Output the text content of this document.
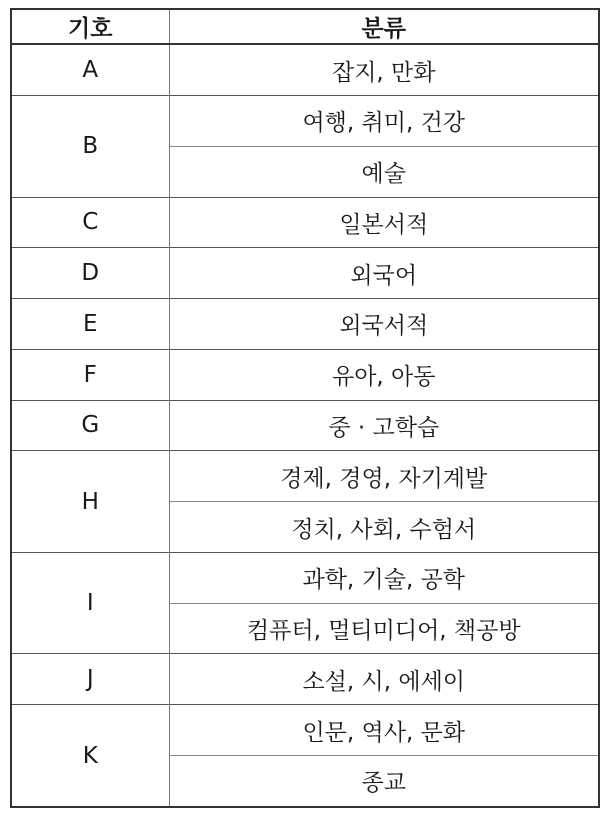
기호	분류
A	잡지, 만화
B	여행, 취미, 건강
	예술
C	일본서적
D	외국어
E	외국서적
F	유아, 아동
G	중 · 고학습
H	경제, 경영, 자기계발
	정치, 사회, 수험서
I	과학, 기술, 공학
	컴퓨터, 멀티미디어, 책공방
J	소설, 시, 에세이
K	인문, 역사, 문화
	종교
